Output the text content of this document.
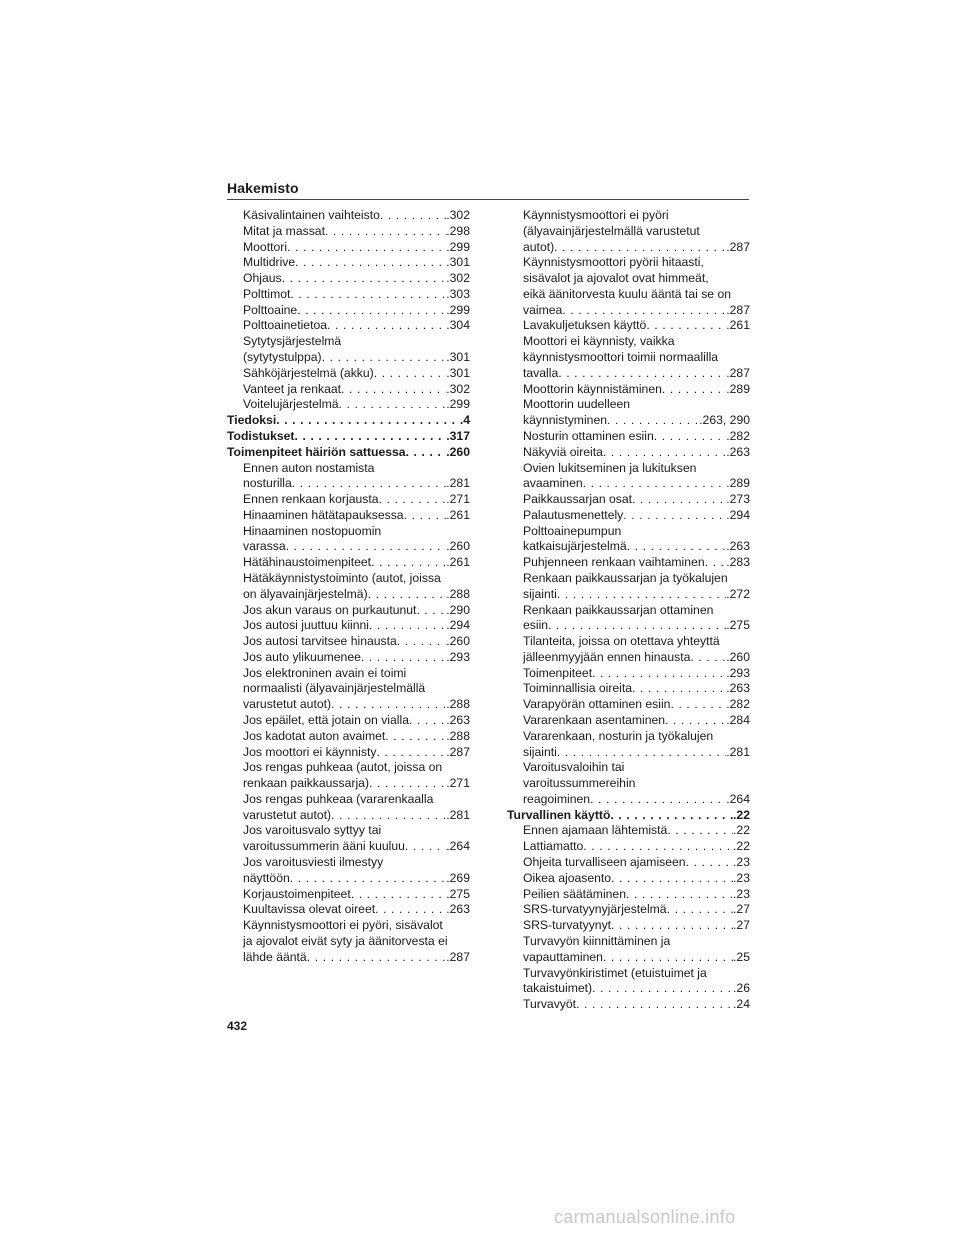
Hakemisto
Käsivalintainen vaihteisto . . .	.302
Mitat ja massat . . .	.298
Moottori . . .	.299
Multidrive . . .	.301
Ohjaus . . .	.302
Polttimot . . .	.303
Polttoaine . . .	.299
Polttoainetietoa . . .	.304
Sytytysjärjestelmä
(sytytystulppa) . . .	.301
Sähköjärjestelmä (akku) . . .	.301
Vanteet ja renkaat . . .	.302
Voitelujärjestelmä . . .	.299
Tiedoksi . . .	.4
Todistukset . . .	.317
Toimenpiteet häiriön sattuessa . . .	.260
Ennen auton nostamista
nosturilla . . .	.281
Ennen renkaan korjausta . . .	.271
Hinaaminen hätätapauksessa . . .	.261
Hinaaminen nostopuomin
varassa . . .	.260
Hätähinaustoimenpiteet . . .	.261
Hätäkäynnistystoiminto (autot, joissa
on älyavainjärjestelmä) . . .	.288
Jos akun varaus on purkautunut . . . .290
Jos autosi juuttuu kiinni . . .	.294
Jos autosi tarvitsee hinausta . . .	.260
Jos auto ylikuumenee . . .	.293
Jos elektroninen avain ei toimi
normaalisti (älyavainjärjestelmällä
varustetut autot) . . .	.288
Jos epäilet, että jotain on vialla . . .	.263
Jos kadotat auton avaimet . . .	.288
Jos moottori ei käynnisty . . .	.287
Jos rengas puhkeaa (autot, joissa on
renkaan paikkaussarja) . . .	.271
Jos rengas puhkeaa (vararenkaalla
varustetut autot) . . .	.281
Jos varoitusvalo syttyy tai
varoitussummerin ääni kuuluu . . .	.264
Jos varoitusviesti ilmestyy
näyttöön . . .	.269
Korjaustoimenpiteet . . .	.275
Kuultavissa olevat oireet . . .	.263
Käynnistysmoottori ei pyöri, sisävalot
ja ajovalot eivät syty ja äänitorvesta ei
lähde ääntä . . .	.287
Käynnistysmoottori ei pyöri
(älyavainjärjestelmällä varustetut
autot) . . .	.287
Käynnistysmoottori pyörii hitaasti,
sisävalot ja ajovalot ovat himmeät,
eikä äänitorvesta kuulu ääntä tai se on
vaimea . . .	.287
Lavakuljetuksen käyttö . . .	.261
Moottori ei käynnisty, vaikka
käynnistysmoottori toimii normaalilla
tavalla . . .	.287
Moottorin käynnistäminen . . .	.289
Moottorin uudelleen
käynnistyminen . . .	.263, 290
Nosturin ottaminen esiin . . .	.282
Näkyviä oireita . . .	.263
Ovien lukitseminen ja lukituksen
avaaminen . . .	.289
Paikkaussarjan osat . . .	.273
Palautusmenettely . . .	.294
Polttoainepumpun
katkaisujärjestelmä . . .	.263
Puhjenneen renkaan vaihtaminen . . . .283
Renkaan paikkaussarjan ja työkalujen
sijainti . . .	.272
Renkaan paikkaussarjan ottaminen
esiin . . .	.275
Tilanteita, joissa on otettava yhteyttä
jälleenmyyjään ennen hinausta . . .	.260
Toimenpiteet . . .	.293
Toiminnallisia oireita . . .	.263
Varapyörän ottaminen esiin . . .	.282
Vararenkaan asentaminen . . .	.284
Vararenkaan, nosturin ja työkalujen
sijainti . . .	.281
Varoitusvaloihin tai
varoitussummereihin
reagoiminen . . .	.264
Turvallinen käyttö . . .	.22
Ennen ajamaan lähtemistä . . .	.22
Lattiamatto . . .	.22
Ohjeita turvalliseen ajamiseen . . .	.23
Oikea ajoasento . . .	.23
Peilien säätäminen . . .	.23
SRS-turvatyynyjärjestelmä . . .	.27
SRS-turvatyynyt . . .	.27
Turvavyön kiinnittäminen ja
vapauttaminen . . .	.25
Turvavyönkiristimet (etuistuimet ja
takaistuimet) . . .	.26
Turvavyöt . . .	.24
432
carmanualsonline.info
